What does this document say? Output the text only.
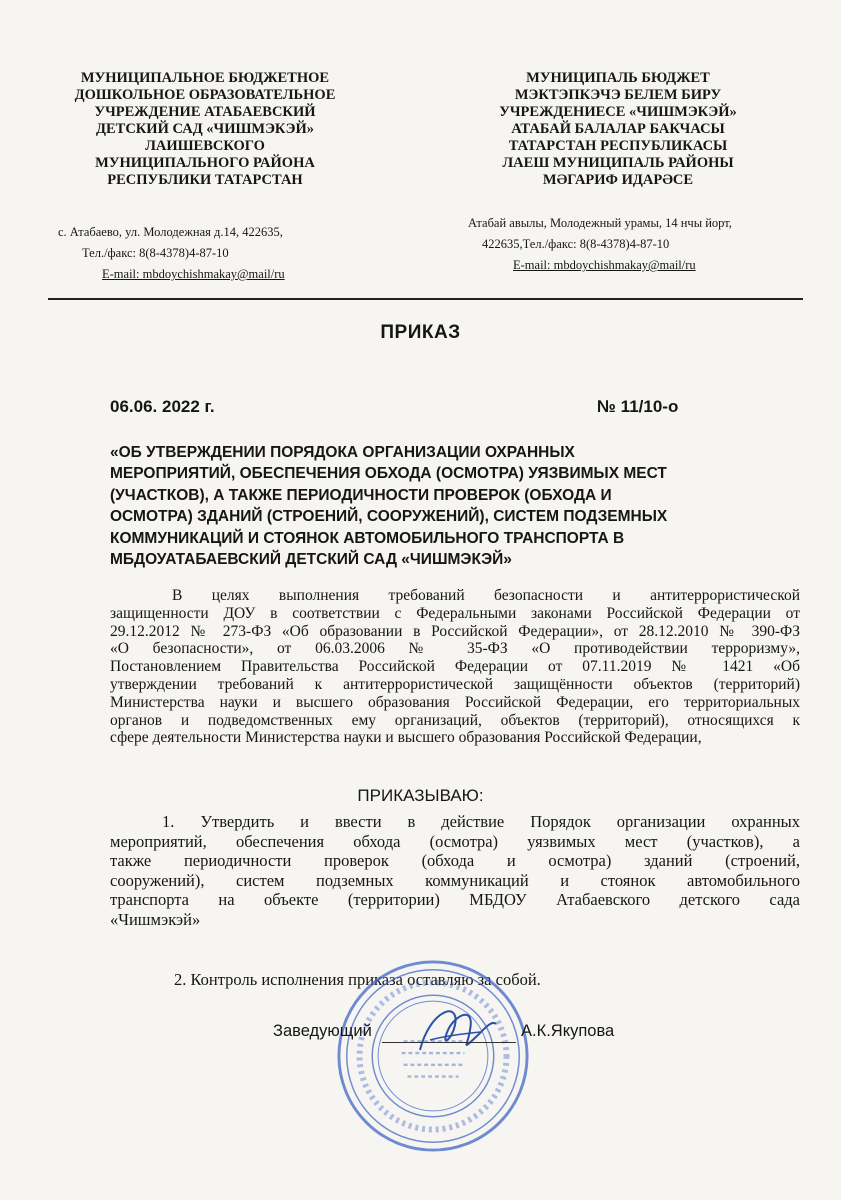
МУНИЦИПАЛЬНОЕ БЮДЖЕТНОЕ
ДОШКОЛЬНОЕ ОБРАЗОВАТЕЛЬНОЕ
УЧРЕЖДЕНИЕ АТАБАЕВСКИЙ
ДЕТСКИЙ САД «ЧИШМЭКЭЙ»
ЛАИШЕВСКОГО
МУНИЦИПАЛЬНОГО РАЙОНА
РЕСПУБЛИКИ ТАТАРСТАН
МУНИЦИПАЛЬ БЮДЖЕТ
МЭКТЭПКЭЧЭ БЕЛЕМ БИРУ
УЧРЕЖДЕНИЕСЕ «ЧИШМЭКЭЙ»
АТАБАЙ БАЛАЛАР БАКЧАСЫ
ТАТАРСТАН РЕСПУБЛИКАСЫ
ЛАЕШ МУНИЦИПАЛЬ РАЙОНЫ
МӘГАРИФ ИДАРӘСЕ
с. Атабаево, ул. Молодежная д.14, 422635,
Тел./факс: 8(8-4378)4-87-10
E-mail: mbdoychishmakay@mail/ru
Атабай авылы, Молодежный урамы, 14 нчы йорт,
422635,Тел./факс: 8(8-4378)4-87-10
E-mail: mbdoychishmakay@mail/ru
ПРИКАЗ
06.06. 2022 г.	№ 11/10-о
«ОБ УТВЕРЖДЕНИИ ПОРЯДОКА ОРГАНИЗАЦИИ ОХРАННЫХ
МЕРОПРИЯТИЙ, ОБЕСПЕЧЕНИЯ ОБХОДА (ОСМОТРА) УЯЗВИМЫХ МЕСТ
(УЧАСТКОВ), А ТАКЖЕ ПЕРИОДИЧНОСТИ ПРОВЕРОК (ОБХОДА И
ОСМОТРА) ЗДАНИЙ (СТРОЕНИЙ, СООРУЖЕНИЙ), СИСТЕМ ПОДЗЕМНЫХ
КОММУНИКАЦИЙ И СТОЯНОК АВТОМОБИЛЬНОГО ТРАНСПОРТА В
МБДОУАТАБАЕВСКИЙ ДЕТСКИЙ САД «ЧИШМЭКЭЙ»
В целях выполнения требований безопасности и антитеррористической
защищенности ДОУ в соответствии с Федеральными законами Российской Федерации от
29.12.2012 № 273-ФЗ «Об образовании в Российской Федерации», от 28.12.2010 № 390-ФЗ
«О безопасности», от 06.03.2006 № 35-ФЗ «О противодействии терроризму»,
Постановлением Правительства Российской Федерации от 07.11.2019 № 1421 «Об
утверждении требований к антитеррористической защищённости объектов (территорий)
Министерства науки и высшего образования Российской Федерации, его территориальных
органов и подведомственных ему организаций, объектов (территорий), относящихся к
сфере деятельности Министерства науки и высшего образования Российской Федерации,
ПРИКАЗЫВАЮ:
1. Утвердить и ввести в действие Порядок организации охранных
мероприятий, обеспечения обхода (осмотра) уязвимых мест (участков), а
также периодичности проверок (обхода и осмотра) зданий (строений,
сооружений), систем подземных коммуникаций и стоянок автомобильного
транспорта на объекте (территории) МБДОУ Атабаевского детского сада
«Чишмэкэй»
2. Контроль исполнения приказа оставляю за собой.
Заведующий	А.К.Якупова
